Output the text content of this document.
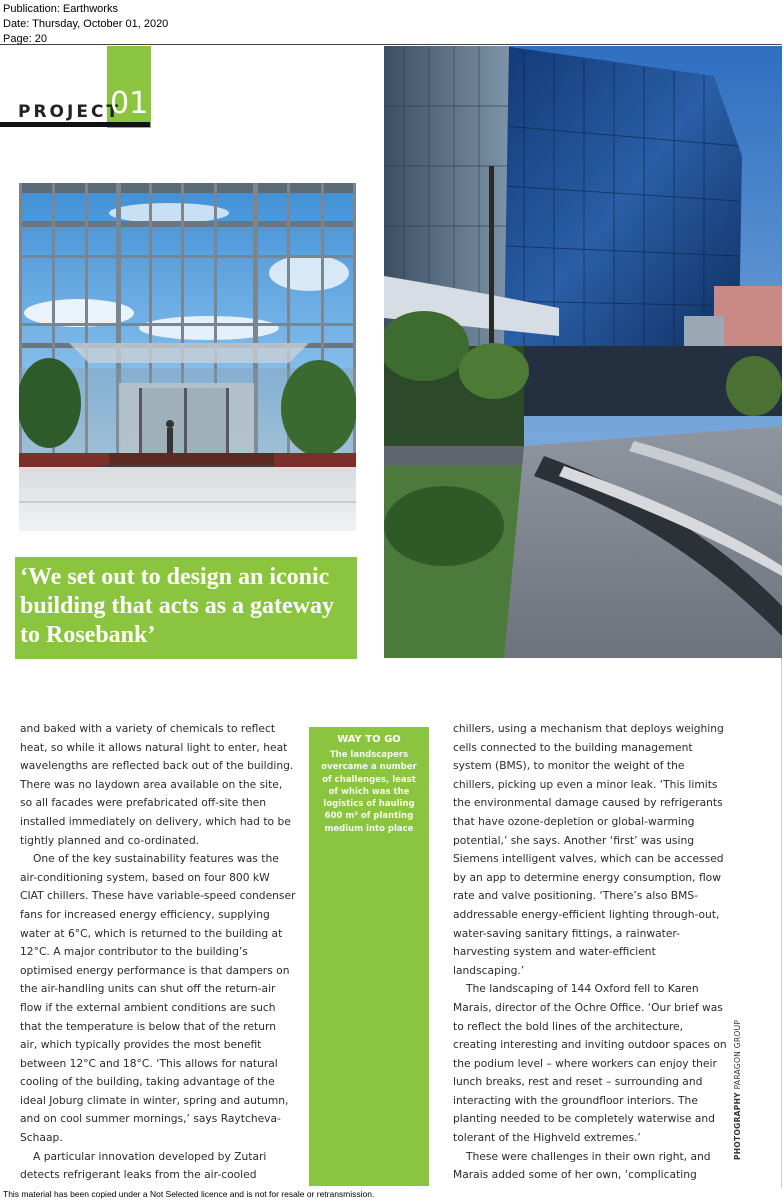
Publication: Earthworks
Date: Thursday, October 01, 2020
Page: 20
PROJECT
01
‘We set out to design an iconic building that acts as a gateway to Rosebank’

and baked with a variety of chemicals to reflect heat, so while it allows natural light to enter, heat wavelengths are reflected back out of the building. There was no laydown area available on the site, so all facades were prefabricated off-site then installed immediately on delivery, which had to be tightly planned and co-ordinated.

One of the key sustainability features was the air-conditioning system, based on four 800 kW CIAT chillers. These have variable-speed condenser fans for increased energy efficiency, supplying water at 6°C, which is returned to the building at 12°C. A major contributor to the building’s optimised energy performance is that dampers on the air-handling units can shut off the return-air flow if the external ambient conditions are such that the temperature is below that of the return air, which typically provides the most benefit between 12°C and 18°C. ‘This allows for natural cooling of the building, taking advantage of the ideal Joburg climate in winter, spring and autumn, and on cool summer mornings,’ says Raytcheva-Schaap.

A particular innovation developed by Zutari detects refrigerant leaks from the air-cooled

WAY TO GO
The landscapers overcame a number of challenges, least of which was the logistics of hauling 600 m³ of planting medium into place

chillers, using a mechanism that deploys weighing cells connected to the building management system (BMS), to monitor the weight of the chillers, picking up even a minor leak. ‘This limits the environmental damage caused by refrigerants that have ozone-depletion or global-warming potential,’ she says. Another ‘first’ was using Siemens intelligent valves, which can be accessed by an app to determine energy consumption, flow rate and valve positioning. ‘There’s also BMS-addressable energy-efficient lighting through-out, water-saving sanitary fittings, a rainwater-harvesting system and water-efficient landscaping.’

The landscaping of 144 Oxford fell to Karen Marais, director of the Ochre Office. ‘Our brief was to reflect the bold lines of the architecture, creating interesting and inviting outdoor spaces on the podium level – where workers can enjoy their lunch breaks, rest and reset – surrounding and interacting with the groundfloor interiors. The planting needed to be completely waterwise and tolerant of the Highveld extremes.’

These were challenges in their own right, and Marais added some of her own, ‘complicating

PHOTOGRAPHY PARAGON GROUP
This material has been copied under a Not Selected licence and is not for resale or retransmission.
